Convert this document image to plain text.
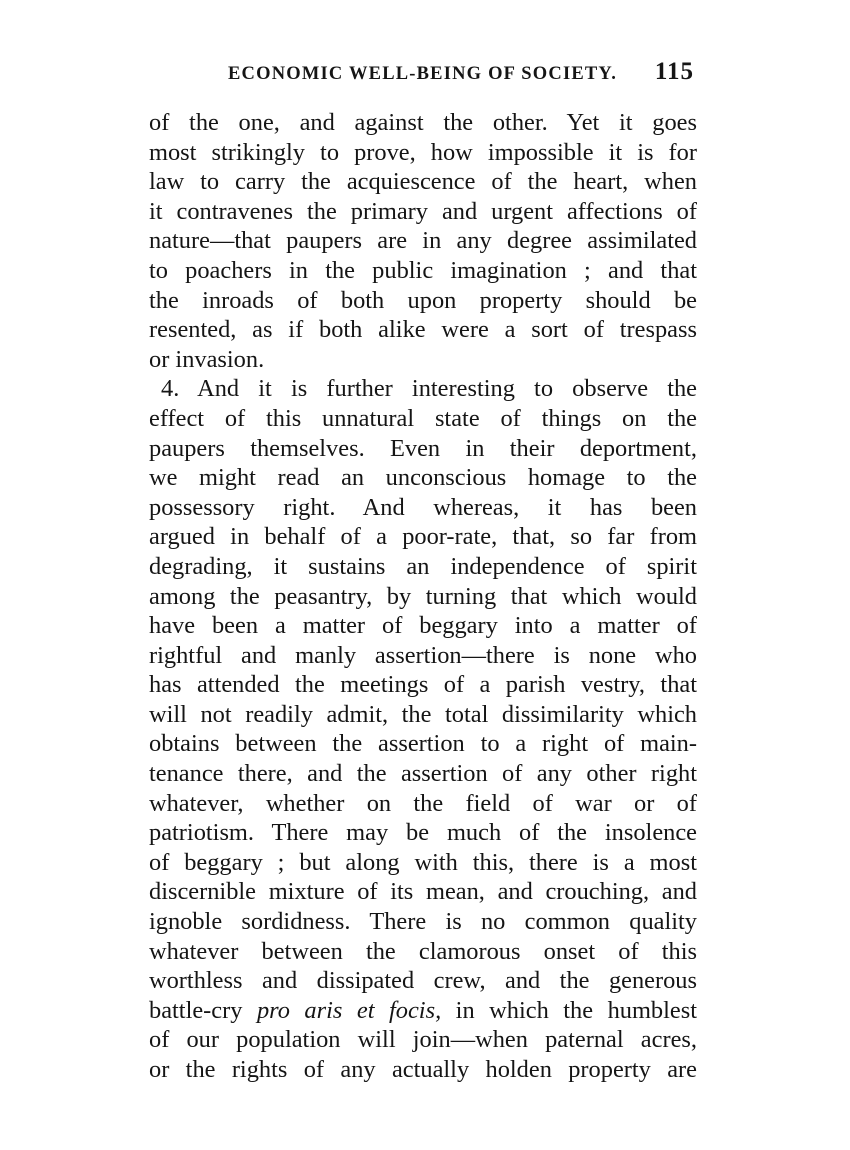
ECONOMIC WELL-BEING OF SOCIETY. 115
of the one, and against the other. Yet it goes
most strikingly to prove, how impossible it is for
law to carry the acquiescence of the heart, when
it contravenes the primary and urgent affections of
nature—that paupers are in any degree assimilated
to poachers in the public imagination ; and that
the inroads of both upon property should be
resented, as if both alike were a sort of trespass
or invasion.
4. And it is further interesting to observe the
effect of this unnatural state of things on the
paupers themselves. Even in their deportment,
we might read an unconscious homage to the
possessory right. And whereas, it has been
argued in behalf of a poor-rate, that, so far from
degrading, it sustains an independence of spirit
among the peasantry, by turning that which would
have been a matter of beggary into a matter of
rightful and manly assertion—there is none who
has attended the meetings of a parish vestry, that
will not readily admit, the total dissimilarity which
obtains between the assertion to a right of main-
tenance there, and the assertion of any other right
whatever, whether on the field of war or of
patriotism. There may be much of the insolence
of beggary ; but along with this, there is a most
discernible mixture of its mean, and crouching, and
ignoble sordidness. There is no common quality
whatever between the clamorous onset of this
worthless and dissipated crew, and the generous
battle-cry pro aris et focis, in which the humblest
of our population will join—when paternal acres,
or the rights of any actually holden property are
